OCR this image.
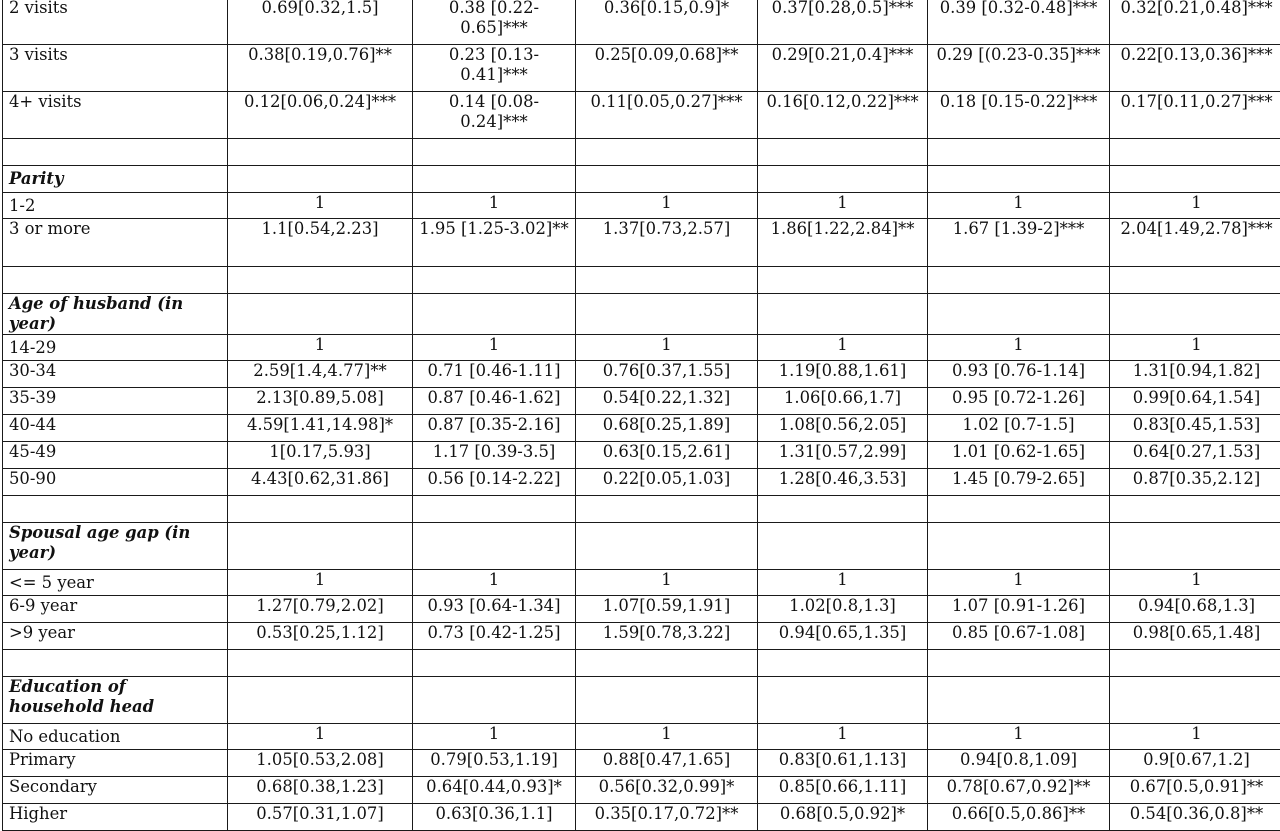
2 visits	0.69[0.32,1.5]	0.38 [0.22-0.65]***	0.36[0.15,0.9]*	0.37[0.28,0.5]***	0.39 [0.32-0.48]***	0.32[0.21,0.48]***
3 visits	0.38[0.19,0.76]**	0.23 [0.13-0.41]***	0.25[0.09,0.68]**	0.29[0.21,0.4]***	0.29 [(0.23-0.35]***	0.22[0.13,0.36]***
4+ visits	0.12[0.06,0.24]***	0.14 [0.08-0.24]***	0.11[0.05,0.27]***	0.16[0.12,0.22]***	0.18 [0.15-0.22]***	0.17[0.11,0.27]***

Parity						
1-2	1	1	1	1	1	1
3 or more	1.1[0.54,2.23]	1.95 [1.25-3.02]**	1.37[0.73,2.57]	1.86[1.22,2.84]**	1.67 [1.39-2]***	2.04[1.49,2.78]***

Age of husband (in year)						
14-29	1	1	1	1	1	1
30-34	2.59[1.4,4.77]**	0.71 [0.46-1.11]	0.76[0.37,1.55]	1.19[0.88,1.61]	0.93 [0.76-1.14]	1.31[0.94,1.82]
35-39	2.13[0.89,5.08]	0.87 [0.46-1.62]	0.54[0.22,1.32]	1.06[0.66,1.7]	0.95 [0.72-1.26]	0.99[0.64,1.54]
40-44	4.59[1.41,14.98]*	0.87 [0.35-2.16]	0.68[0.25,1.89]	1.08[0.56,2.05]	1.02 [0.7-1.5]	0.83[0.45,1.53]
45-49	1[0.17,5.93]	1.17 [0.39-3.5]	0.63[0.15,2.61]	1.31[0.57,2.99]	1.01 [0.62-1.65]	0.64[0.27,1.53]
50-90	4.43[0.62,31.86]	0.56 [0.14-2.22]	0.22[0.05,1.03]	1.28[0.46,3.53]	1.45 [0.79-2.65]	0.87[0.35,2.12]

Spousal age gap (in year)						
<= 5 year	1	1	1	1	1	1
6-9 year	1.27[0.79,2.02]	0.93 [0.64-1.34]	1.07[0.59,1.91]	1.02[0.8,1.3]	1.07 [0.91-1.26]	0.94[0.68,1.3]
>9 year	0.53[0.25,1.12]	0.73 [0.42-1.25]	1.59[0.78,3.22]	0.94[0.65,1.35]	0.85 [0.67-1.08]	0.98[0.65,1.48]

Education of household head						
No education	1	1	1	1	1	1
Primary	1.05[0.53,2.08]	0.79[0.53,1.19]	0.88[0.47,1.65]	0.83[0.61,1.13]	0.94[0.8,1.09]	0.9[0.67,1.2]
Secondary	0.68[0.38,1.23]	0.64[0.44,0.93]*	0.56[0.32,0.99]*	0.85[0.66,1.11]	0.78[0.67,0.92]**	0.67[0.5,0.91]**
Higher	0.57[0.31,1.07]	0.63[0.36,1.1]	0.35[0.17,0.72]**	0.68[0.5,0.92]*	0.66[0.5,0.86]**	0.54[0.36,0.8]**
